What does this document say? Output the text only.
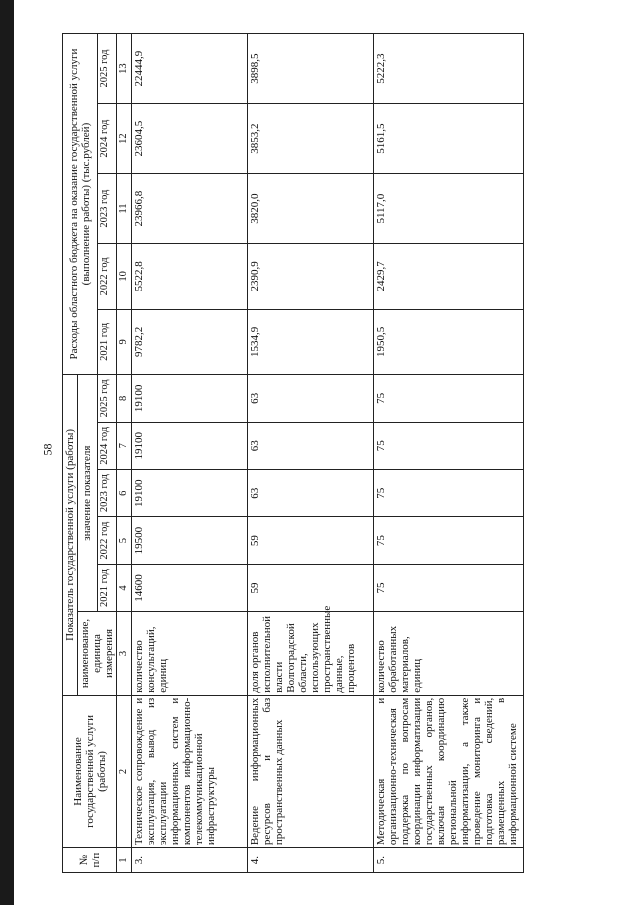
58
№
п/п	Наименование государственной услуги (работы)	Показатель государственной услуги (работы)						Расходы областного бюджета на оказание государственной услуги (выполнение работы) (тыс.рублей)				
		наименование, единица измерения	значение показателя									
			2021 год	2022 год	2023 год	2024 год	2025 год	2021 год	2022 год	2023 год	2024 год	2025 год
1	2	3	4	5	6	7	8	9	10	11	12	13
3.	Техническое сопровождение и эксплуатация, вывод из эксплуатации информационных систем и компонентов информационно-телекоммуникационной инфраструктуры	количество консультаций, единиц	14600	19500	19100	19100	19100	9782,2	5522,8	23966,8	23604,5	22444,9
4.	Ведение информационных ресурсов и баз пространственных данных	доля органов исполнительной власти Волгоградской области, использующих пространственные данные, процентов	59	59	63	63	63	1534,9	2390,9	3820,0	3853,2	3898,5
5.	Методическая и организационно-техническая поддержка по вопросам координации информатизации государственных органов, включая координацию региональной информатизации, а также проведение мониторинга и подготовка сведений, размещенных в информационной системе	количество обработанных материалов, единиц	75	75	75	75	75	1950,5	2429,7	5117,0	5161,5	5222,3
